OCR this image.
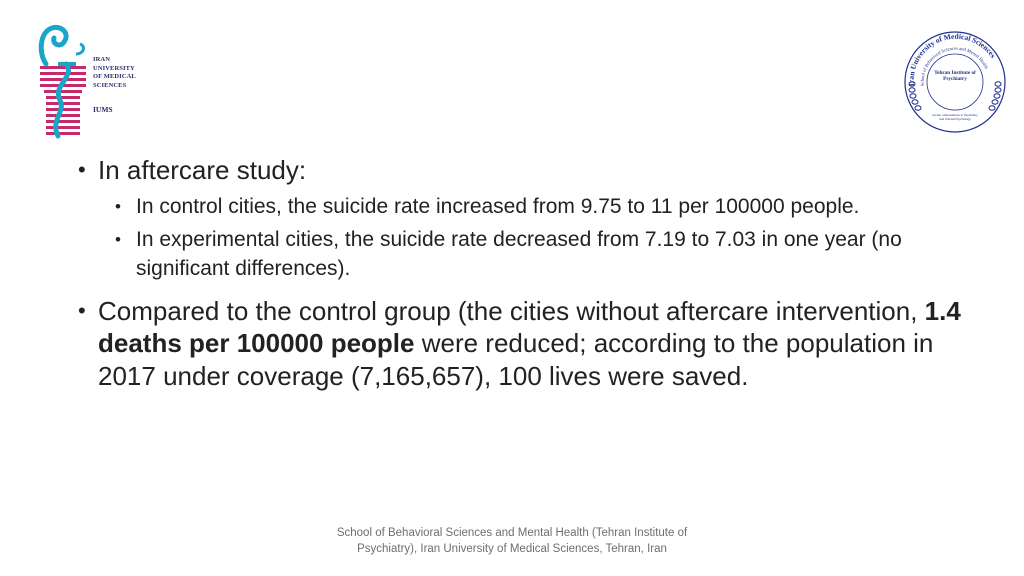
IRAN
UNIVERSITY
OF MEDICAL
SCIENCES
IUMS
Iran University of Medical Sciences
School of Behavioral Sciences and Mental Health
Tehran Institute of Psychiatry
Center of Excellence in Psychiatry and Clinical Psychology
• In aftercare study:
• In control cities, the suicide rate increased from 9.75 to 11 per 100000 people.
• In experimental cities, the suicide rate decreased from 7.19 to 7.03 in one year (no significant differences).
• Compared to the control group (the cities without aftercare intervention, 1.4 deaths per 100000 people were reduced; according to the population in 2017 under coverage (7,165,657), 100 lives were saved.
School of Behavioral Sciences and Mental Health (Tehran Institute of Psychiatry), Iran University of Medical Sciences, Tehran, Iran
